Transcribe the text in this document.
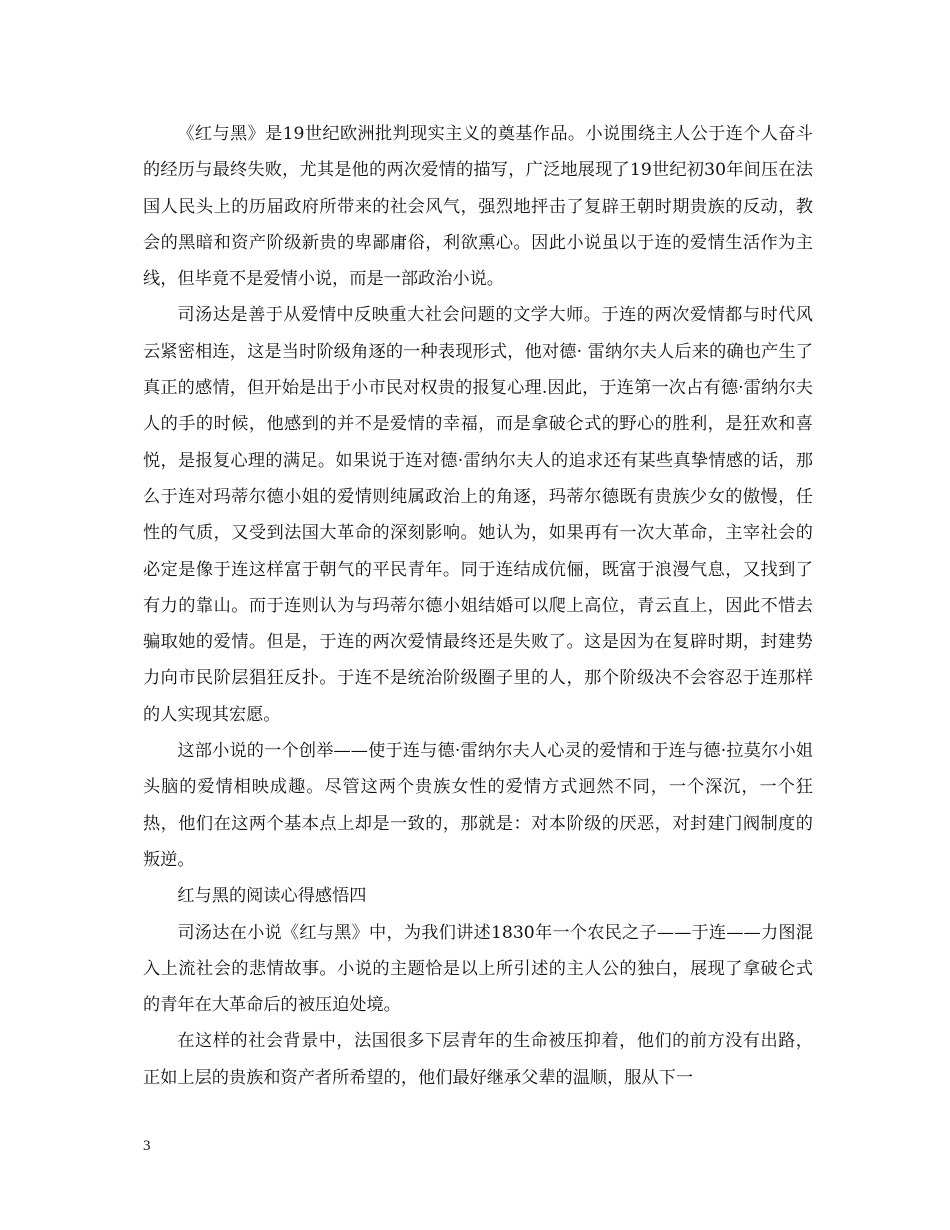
《红与黑》是19世纪欧洲批判现实主义的奠基作品。小说围绕主人公于连个人奋斗的经历与最终失败，尤其是他的两次爱情的描写，广泛地展现了19世纪初30年间压在法国人民头上的历届政府所带来的社会风气，强烈地抨击了复辟王朝时期贵族的反动，教会的黑暗和资产阶级新贵的卑鄙庸俗，利欲熏心。因此小说虽以于连的爱情生活作为主线，但毕竟不是爱情小说，而是一部政治小说。

司汤达是善于从爱情中反映重大社会问题的文学大师。于连的两次爱情都与时代风云紧密相连，这是当时阶级角逐的一种表现形式，他对德· 雷纳尔夫人后来的确也产生了真正的感情，但开始是出于小市民对权贵的报复心理.因此，于连第一次占有德·雷纳尔夫人的手的时候，他感到的并不是爱情的幸福，而是拿破仑式的野心的胜利，是狂欢和喜悦，是报复心理的满足。如果说于连对德·雷纳尔夫人的追求还有某些真挚情感的话，那么于连对玛蒂尔德小姐的爱情则纯属政治上的角逐，玛蒂尔德既有贵族少女的傲慢，任性的气质，又受到法国大革命的深刻影响。她认为，如果再有一次大革命，主宰社会的必定是像于连这样富于朝气的平民青年。同于连结成伉俪，既富于浪漫气息，又找到了有力的靠山。而于连则认为与玛蒂尔德小姐结婚可以爬上高位，青云直上，因此不惜去骗取她的爱情。但是，于连的两次爱情最终还是失败了。这是因为在复辟时期，封建势力向市民阶层猖狂反扑。于连不是统治阶级圈子里的人，那个阶级决不会容忍于连那样的人实现其宏愿。

这部小说的一个创举——使于连与德·雷纳尔夫人心灵的爱情和于连与德·拉莫尔小姐头脑的爱情相映成趣。尽管这两个贵族女性的爱情方式迥然不同，一个深沉，一个狂热，他们在这两个基本点上却是一致的，那就是：对本阶级的厌恶，对封建门阀制度的叛逆。

红与黑的阅读心得感悟四

司汤达在小说《红与黑》中，为我们讲述1830年一个农民之子——于连——力图混入上流社会的悲情故事。小说的主题恰是以上所引述的主人公的独白，展现了拿破仑式的青年在大革命后的被压迫处境。

在这样的社会背景中，法国很多下层青年的生命被压抑着，他们的前方没有出路，正如上层的贵族和资产者所希望的，他们最好继承父辈的温顺，服从下一

3
